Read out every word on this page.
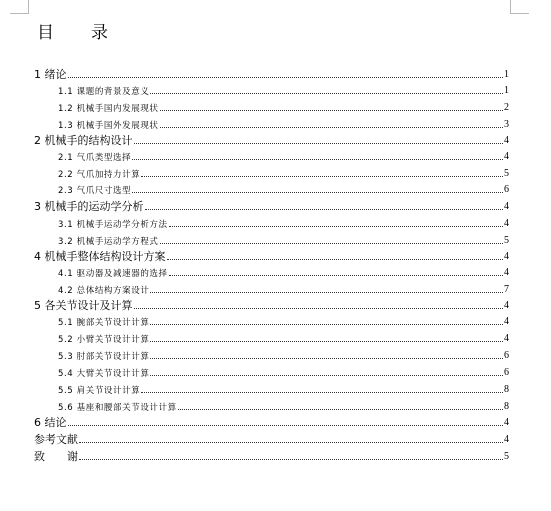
目　录
1 绪论	1
1.1 课题的背景及意义	1
1.2 机械手国内发展现状	2
1.3 机械手国外发展现状	3
2 机械手的结构设计	4
2.1 气爪类型选择	4
2.2 气爪加持力计算	5
2.3 气爪尺寸选型	6
3 机械手的运动学分析	4
3.1 机械手运动学分析方法	4
3.2 机械手运动学方程式	5
4 机械手整体结构设计方案	4
4.1 驱动器及减速器的选择	4
4.2 总体结构方案设计	7
5 各关节设计及计算	4
5.1 腕部关节设计计算	4
5.2 小臂关节设计计算	4
5.3 肘部关节设计计算	6
5.4 大臂关节设计计算	6
5.5 肩关节设计计算	8
5.6 基座和腰部关节设计计算	8
6 结论	4
参考文献	4
致　　谢	5
